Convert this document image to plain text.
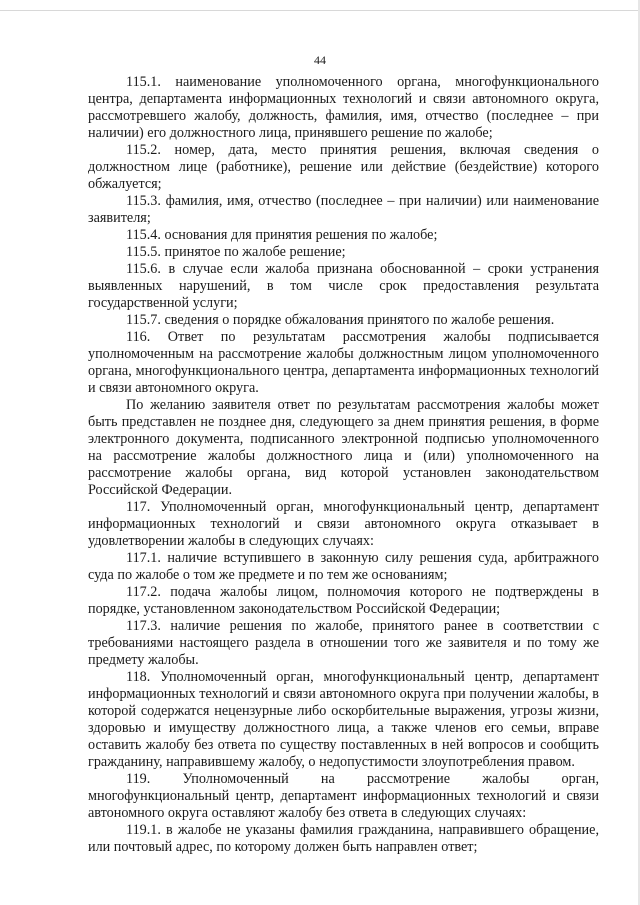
44

115.1. наименование уполномоченного органа, многофункционального центра, департамента информационных технологий и связи автономного округа, рассмотревшего жалобу, должность, фамилия, имя, отчество (последнее – при наличии) его должностного лица, принявшего решение по жалобе;

115.2. номер, дата, место принятия решения, включая сведения о должностном лице (работнике), решение или действие (бездействие) которого обжалуется;

115.3. фамилия, имя, отчество (последнее – при наличии) или наименование заявителя;

115.4. основания для принятия решения по жалобе;

115.5. принятое по жалобе решение;

115.6. в случае если жалоба признана обоснованной – сроки устранения выявленных нарушений, в том числе срок предоставления результата государственной услуги;

115.7. сведения о порядке обжалования принятого по жалобе решения.

116. Ответ по результатам рассмотрения жалобы подписывается уполномоченным на рассмотрение жалобы должностным лицом уполномоченного органа, многофункционального центра, департамента информационных технологий и связи автономного округа.

По желанию заявителя ответ по результатам рассмотрения жалобы может быть представлен не позднее дня, следующего за днем принятия решения, в форме электронного документа, подписанного электронной подписью уполномоченного на рассмотрение жалобы должностного лица и (или) уполномоченного на рассмотрение жалобы органа, вид которой установлен законодательством Российской Федерации.

117. Уполномоченный орган, многофункциональный центр, департамент информационных технологий и связи автономного округа отказывает в удовлетворении жалобы в следующих случаях:

117.1. наличие вступившего в законную силу решения суда, арбитражного суда по жалобе о том же предмете и по тем же основаниям;

117.2. подача жалобы лицом, полномочия которого не подтверждены в порядке, установленном законодательством Российской Федерации;

117.3. наличие решения по жалобе, принятого ранее в соответствии с требованиями настоящего раздела в отношении того же заявителя и по тому же предмету жалобы.

118. Уполномоченный орган, многофункциональный центр, департамент информационных технологий и связи автономного округа при получении жалобы, в которой содержатся нецензурные либо оскорбительные выражения, угрозы жизни, здоровью и имуществу должностного лица, а также членов его семьи, вправе оставить жалобу без ответа по существу поставленных в ней вопросов и сообщить гражданину, направившему жалобу, о недопустимости злоупотребления правом.

119. Уполномоченный на рассмотрение жалобы орган, многофункциональный центр, департамент информационных технологий и связи автономного округа оставляют жалобу без ответа в следующих случаях:

119.1. в жалобе не указаны фамилия гражданина, направившего обращение, или почтовый адрес, по которому должен быть направлен ответ;
